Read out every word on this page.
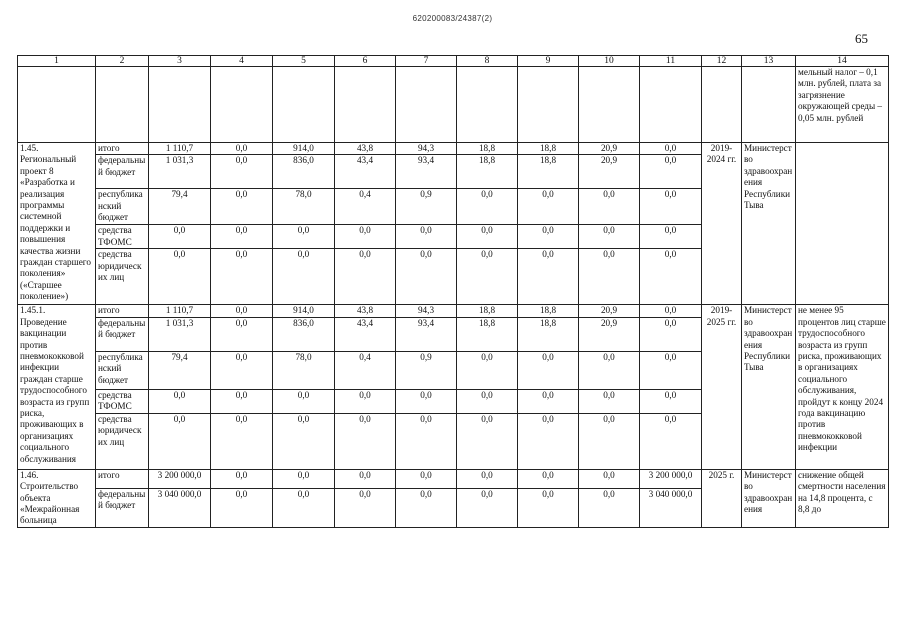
620200083/24387(2)
65
1	2	3	4	5	6	7	8	9	10	11	12	13	14
													мельный налог – 0,1 млн. рублей, плата за загрязнение окружающей среды – 0,05 млн. рублей
1.45. Региональный проект 8 «Разработка и реализация программы системной поддержки и повышения качества жизни граждан старшего поколения» («Старшее поколение»)	итого	1 110,7	0,0	914,0	43,8	94,3	18,8	18,8	20,9	0,0	2019-2024 гг.	Министерство здравоохранения Республики Тыва	
	федеральный бюджет	1 031,3	0,0	836,0	43,4	93,4	18,8	18,8	20,9	0,0			
	республиканский бюджет	79,4	0,0	78,0	0,4	0,9	0,0	0,0	0,0	0,0			
	средства ТФОМС	0,0	0,0	0,0	0,0	0,0	0,0	0,0	0,0	0,0			
	средства юридических лиц	0,0	0,0	0,0	0,0	0,0	0,0	0,0	0,0	0,0			
1.45.1. Проведение вакцинации против пневмококковой инфекции граждан старше трудоспособного возраста из групп риска, проживающих в организациях социального обслуживания	итого	1 110,7	0,0	914,0	43,8	94,3	18,8	18,8	20,9	0,0	2019-2025 гг.	Министерство здравоохранения Республики Тыва	не менее 95 процентов лиц старше трудоспособного возраста из групп риска, проживающих в организациях социального обслуживания, пройдут к концу 2024 года вакцинацию против пневмококковой инфекции
	федеральный бюджет	1 031,3	0,0	836,0	43,4	93,4	18,8	18,8	20,9	0,0			
	республиканский бюджет	79,4	0,0	78,0	0,4	0,9	0,0	0,0	0,0	0,0			
	средства ТФОМС	0,0	0,0	0,0	0,0	0,0	0,0	0,0	0,0	0,0			
	средства юридических лиц	0,0	0,0	0,0	0,0	0,0	0,0	0,0	0,0	0,0			
1.46. Строительство объекта «Межрайонная больница	итого	3 200 000,0	0,0	0,0	0,0	0,0	0,0	0,0	0,0	3 200 000,0	2025 г.	Министерство здравоохранения	снижение общей смертности населения на 14,8 процента, с 8,8 до
	федеральный бюджет	3 040 000,0	0,0	0,0	0,0	0,0	0,0	0,0	0,0	3 040 000,0			
